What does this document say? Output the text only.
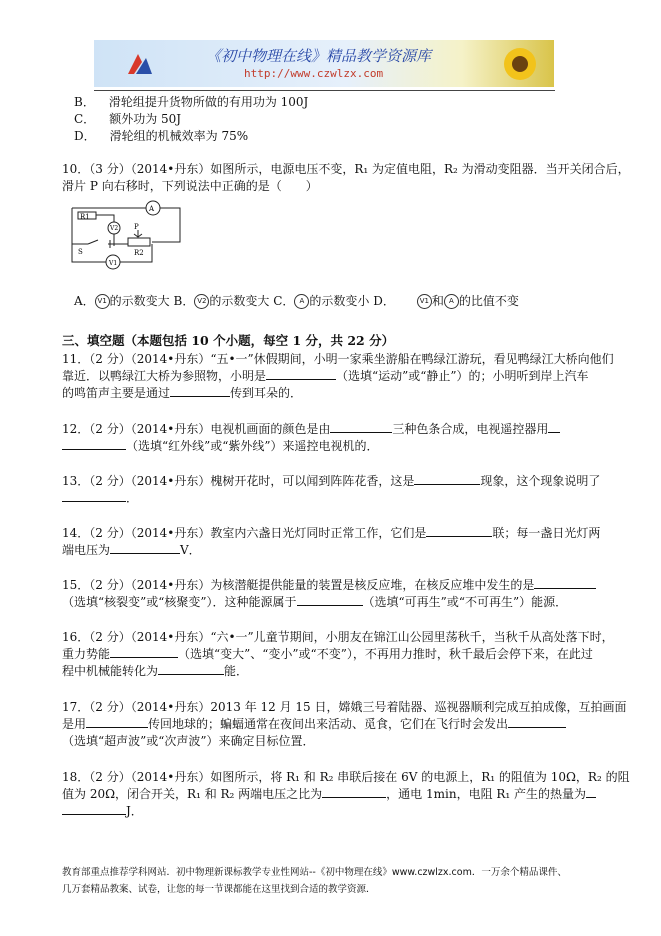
《初中物理在线》精品教学资源库
http://www.czwlzx.com
B． 滑轮组提升货物所做的有用功为 100J
C． 额外功为 50J
D． 滑轮组的机械效率为 75%
10．（3 分）（2014•丹东）如图所示，电源电压不变，R₁ 为定值电阻，R₂ 为滑动变阻器．当开关闭合后，
滑片 P 向右移时，下列说法中正确的是（　　）
A
V2
V1
R1
P
R2
S
A． V1 的示数变大 B． V2 的示数变大 C． A 的示数变小 D．	V1 和 A 的比值不变
三、填空题（本题包括 10 个小题，每空 1 分，共 22 分）
11．（2 分）（2014•丹东）“五•一”休假期间，小明一家乘坐游船在鸭绿江游玩，看见鸭绿江大桥向他们
靠近．以鸭绿江大桥为参照物，小明是	（选填“运动”或“静止”）的；小明听到岸上汽车
的鸣笛声主要是通过	传到耳朵的．
12．（2 分）（2014•丹东）电视机画面的颜色是由	三种色条合成，电视遥控器用
（选填“红外线”或“紫外线”）来遥控电视机的．
13．（2 分）（2014•丹东）槐树开花时，可以闻到阵阵花香，这是	现象，这个现象说明了
．
14．（2 分）（2014•丹东）教室内六盏日光灯同时正常工作，它们是	联；每一盏日光灯两
端电压为	V．
15．（2 分）（2014•丹东）为核潜艇提供能量的装置是核反应堆，在核反应堆中发生的是
（选填“核裂变”或“核聚变”）．这种能源属于	（选填“可再生”或“不可再生”）能源．
16．（2 分）（2014•丹东）“六•一”儿童节期间，小朋友在锦江山公园里荡秋千，当秋千从高处落下时，
重力势能	（选填“变大”、“变小”或“不变”），不再用力推时，秋千最后会停下来，在此过
程中机械能转化为	能．
17．（2 分）（2014•丹东）2013 年 12 月 15 日，嫦娥三号着陆器、巡视器顺利完成互拍成像，互拍画面
是用	传回地球的；蝙蝠通常在夜间出来活动、觅食，它们在飞行时会发出
（选填“超声波”或“次声波”）来确定目标位置．
18．（2 分）（2014•丹东）如图所示，将 R₁ 和 R₂ 串联后接在 6V 的电源上，R₁ 的阻值为 10Ω，R₂ 的阻
值为 20Ω，闭合开关，R₁ 和 R₂ 两端电压之比为	，通电 1min，电阻 R₁ 产生的热量为
J．
教育部重点推荐学科网站．初中物理新课标教学专业性网站--《初中物理在线》www.czwlzx.com．一万余个精品课件、
几万套精品教案、试卷，让您的每一节课都能在这里找到合适的教学资源．
